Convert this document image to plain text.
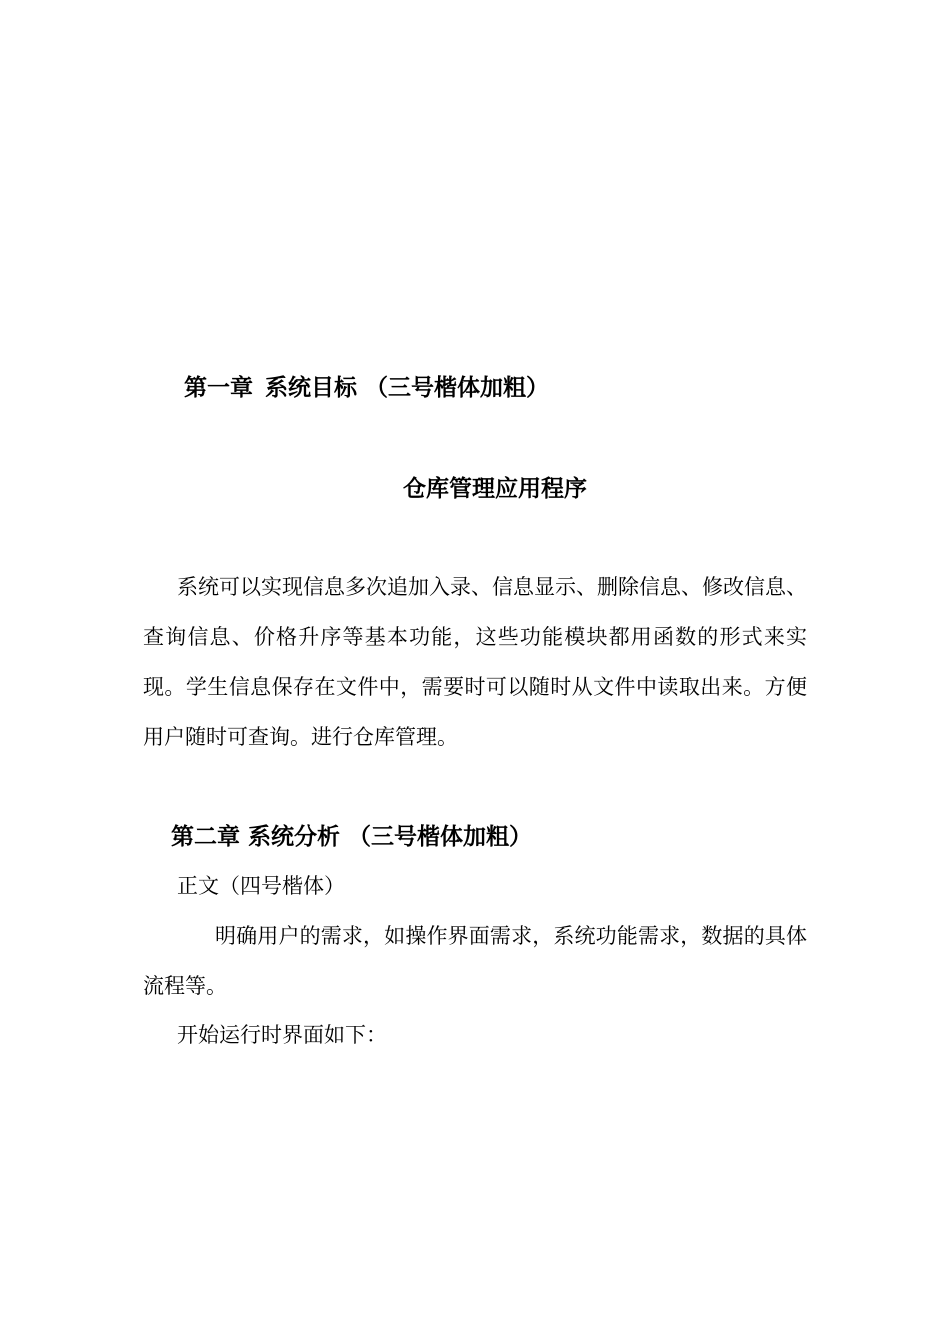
第一章 系统目标 （三号楷体加粗）
仓库管理应用程序
系统可以实现信息多次追加入录、信息显示、删除信息、修改信息、查询信息、价格升序等基本功能，这些功能模块都用函数的形式来实现。学生信息保存在文件中，需要时可以随时从文件中读取出来。方便用户随时可查询。进行仓库管理。
第二章 系统分析 （三号楷体加粗）
正文（四号楷体）
明确用户的需求，如操作界面需求，系统功能需求，数据的具体流程等。
开始运行时界面如下：
